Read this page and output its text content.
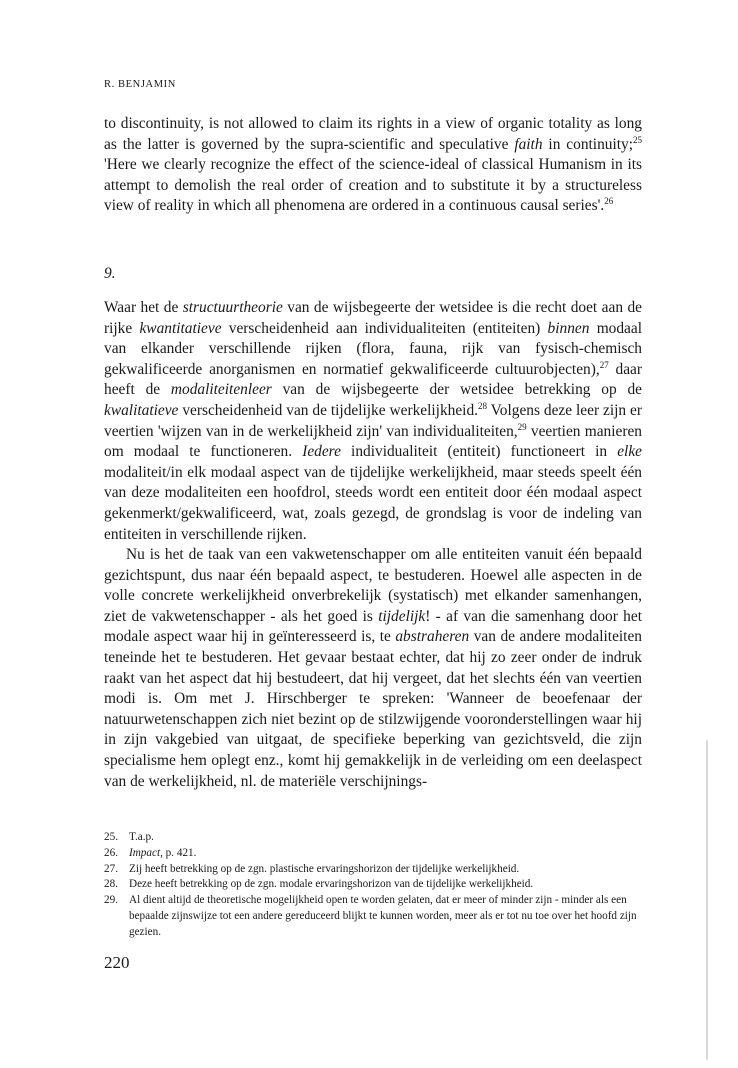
R. BENJAMIN
to discontinuity, is not allowed to claim its rights in a view of organic totality as long as the latter is governed by the supra-scientific and speculative faith in continuity;$^{25}$ 'Here we clearly recognize the effect of the science-ideal of classical Humanism in its attempt to demolish the real order of creation and to substitute it by a structureless view of reality in which all phenomena are ordered in a continuous causal series'.$^{26}$
9.
Waar het de structuurtheorie van de wijsbegeerte der wetsidee is die recht doet aan de rijke kwantitatieve verscheidenheid aan individualiteiten (entiteiten) binnen modaal van elkander verschillende rijken (flora, fauna, rijk van fysisch-chemisch gekwalificeerde anorganismen en normatief gekwalificeerde cultuurobjecten),$^{27}$ daar heeft de modaliteitenleer van de wijsbegeerte der wetsidee betrekking op de kwalitatieve verscheidenheid van de tijdelijke werkelijkheid.$^{28}$ Volgens deze leer zijn er veertien 'wijzen van in de werkelijkheid zijn' van individualiteiten,$^{29}$ veertien manieren om modaal te functioneren. Iedere individualiteit (entiteit) functioneert in elke modaliteit/in elk modaal aspect van de tijdelijke werkelijkheid, maar steeds speelt één van deze modaliteiten een hoofdrol, steeds wordt een entiteit door één modaal aspect gekenmerkt/gekwalificeerd, wat, zoals gezegd, de grondslag is voor de indeling van entiteiten in verschillende rijken.
Nu is het de taak van een vakwetenschapper om alle entiteiten vanuit één bepaald gezichtspunt, dus naar één bepaald aspect, te bestuderen. Hoewel alle aspecten in de volle concrete werkelijkheid onverbrekelijk (systatisch) met elkander samenhangen, ziet de vakwetenschapper - als het goed is tijdelijk! - af van die samenhang door het modale aspect waar hij in geïnteresseerd is, te abstraheren van de andere modaliteiten teneinde het te bestuderen. Het gevaar bestaat echter, dat hij zo zeer onder de indruk raakt van het aspect dat hij bestudeert, dat hij vergeet, dat het slechts één van veertien modi is. Om met J. Hirschberger te spreken: 'Wanneer de beoefenaar der natuurwetenschappen zich niet bezint op de stilzwijgende vooronderstellingen waar hij in zijn vakgebied van uitgaat, de specifieke beperking van gezichtsveld, die zijn specialisme hem oplegt enz., komt hij gemakkelijk in de verleiding om een deelaspect van de werkelijkheid, nl. de materiële verschijnings-
25. T.a.p.
26. Impact, p. 421.
27. Zij heeft betrekking op de zgn. plastische ervaringshorizon der tijdelijke werkelijkheid.
28. Deze heeft betrekking op de zgn. modale ervaringshorizon van de tijdelijke werkelijkheid.
29. Al dient altijd de theoretische mogelijkheid open te worden gelaten, dat er meer of minder zijn - minder als een bepaalde zijnswijze tot een andere gereduceerd blijkt te kunnen worden, meer als er tot nu toe over het hoofd zijn gezien.
220
